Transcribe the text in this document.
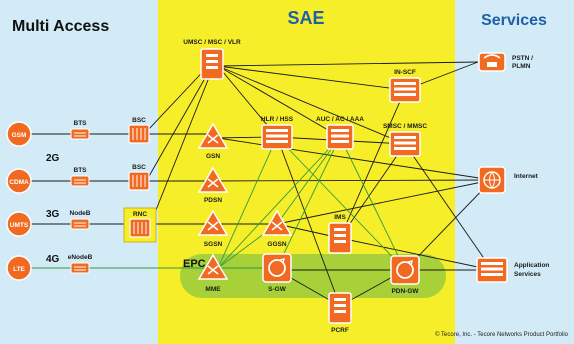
Multi Access	SAE	Services
EPC
GSM
CDMA
UMTS
LTE
2G
3G
4G
BTS
BTS
NodeB
eNodeB
BSC
BSC
RNC
UMSC / MSC / VLR
GSN
PDSN
SGSN	GGSN
MME	S-GW	PDN-GW
HLR / HSS	AUC / AC / AAA
IN-SCF
SMSC / MMSC
IMS
PCRF
PSTN /
PLMN
Internet
Application
Services
© Tecore, Inc. - Tecore Networks Product Portfolio
